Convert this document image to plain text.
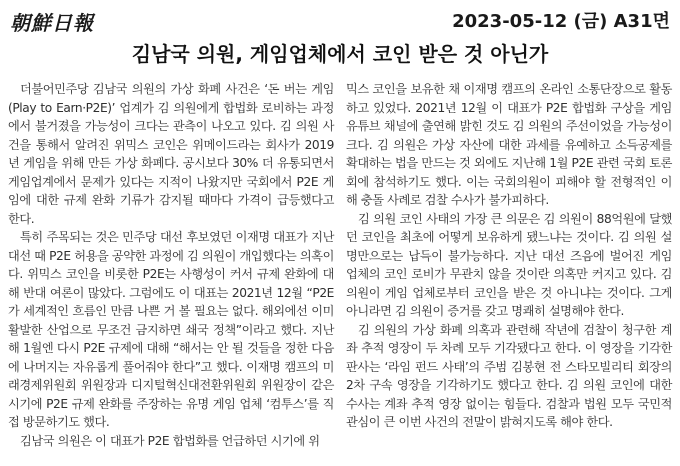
朝鮮日報	2023-05-12 (금) A31면
김남국 의원, 게임업체에서 코인 받은 것 아닌가

더불어민주당 김남국 의원의 가상 화폐 사건은 ‘돈 버는 게임(Play to Earn·P2E)’ 업계가 김 의원에게 합법화 로비하는 과정에서 불거졌을 가능성이 크다는 관측이 나오고 있다. 김 의원 사건을 통해서 알려진 위믹스 코인은 위메이드라는 회사가 2019년 게임을 위해 만든 가상 화폐다. 공시보다 30% 더 유통되면서 게임업계에서 문제가 있다는 지적이 나왔지만 국회에서 P2E 게임에 대한 규제 완화 기류가 감지될 때마다 가격이 급등했다고 한다.

특히 주목되는 것은 민주당 대선 후보였던 이재명 대표가 지난 대선 때 P2E 허용을 공약한 과정에 김 의원이 개입했다는 의혹이다. 위믹스 코인을 비롯한 P2E는 사행성이 커서 규제 완화에 대해 반대 여론이 많았다. 그럼에도 이 대표는 2021년 12월 “P2E가 세계적인 흐름인 만큼 나쁜 거 볼 필요는 없다. 해외에선 이미 활발한 산업으로 무조건 금지하면 쇄국 정책”이라고 했다. 지난해 1월엔 다시 P2E 규제에 대해 “해서는 안 될 것들을 정한 다음에 나머지는 자유롭게 풀어줘야 한다”고 했다. 이재명 캠프의 미래경제위원회 위원장과 디지털혁신대전환위원회 위원장이 같은 시기에 P2E 규제 완화를 주장하는 유명 게임 업체 ‘컴투스’를 직접 방문하기도 했다.

김남국 의원은 이 대표가 P2E 합법화를 언급하던 시기에 위

믹스 코인을 보유한 채 이재명 캠프의 온라인 소통단장으로 활동하고 있었다. 2021년 12월 이 대표가 P2E 합법화 구상을 게임 유튜브 채널에 출연해 밝힌 것도 김 의원의 주선이었을 가능성이 크다. 김 의원은 가상 자산에 대한 과세를 유예하고 소득공제를 확대하는 법을 만드는 것 외에도 지난해 1월 P2E 관련 국회 토론회에 참석하기도 했다. 이는 국회의원이 피해야 할 전형적인 이해 충돌 사례로 검찰 수사가 불가피하다.

김 의원 코인 사태의 가장 큰 의문은 김 의원이 88억원에 달했던 코인을 최초에 어떻게 보유하게 됐느냐는 것이다. 김 의원 설명만으로는 납득이 불가능하다. 지난 대선 즈음에 벌어진 게임 업체의 코인 로비가 무관치 않을 것이란 의혹만 커지고 있다. 김 의원이 게임 업체로부터 코인을 받은 것 아니냐는 것이다. 그게 아니라면 김 의원이 증거를 갖고 명쾌히 설명해야 한다.

김 의원의 가상 화폐 의혹과 관련해 작년에 검찰이 청구한 계좌 추적 영장이 두 차례 모두 기각됐다고 한다. 이 영장을 기각한 판사는 ‘라임 펀드 사태’의 주범 김봉현 전 스타모빌리티 회장의 2차 구속 영장을 기각하기도 했다고 한다. 김 의원 코인에 대한 수사는 계좌 추적 영장 없이는 힘들다. 검찰과 법원 모두 국민적 관심이 큰 이번 사건의 전말이 밝혀지도록 해야 한다.
